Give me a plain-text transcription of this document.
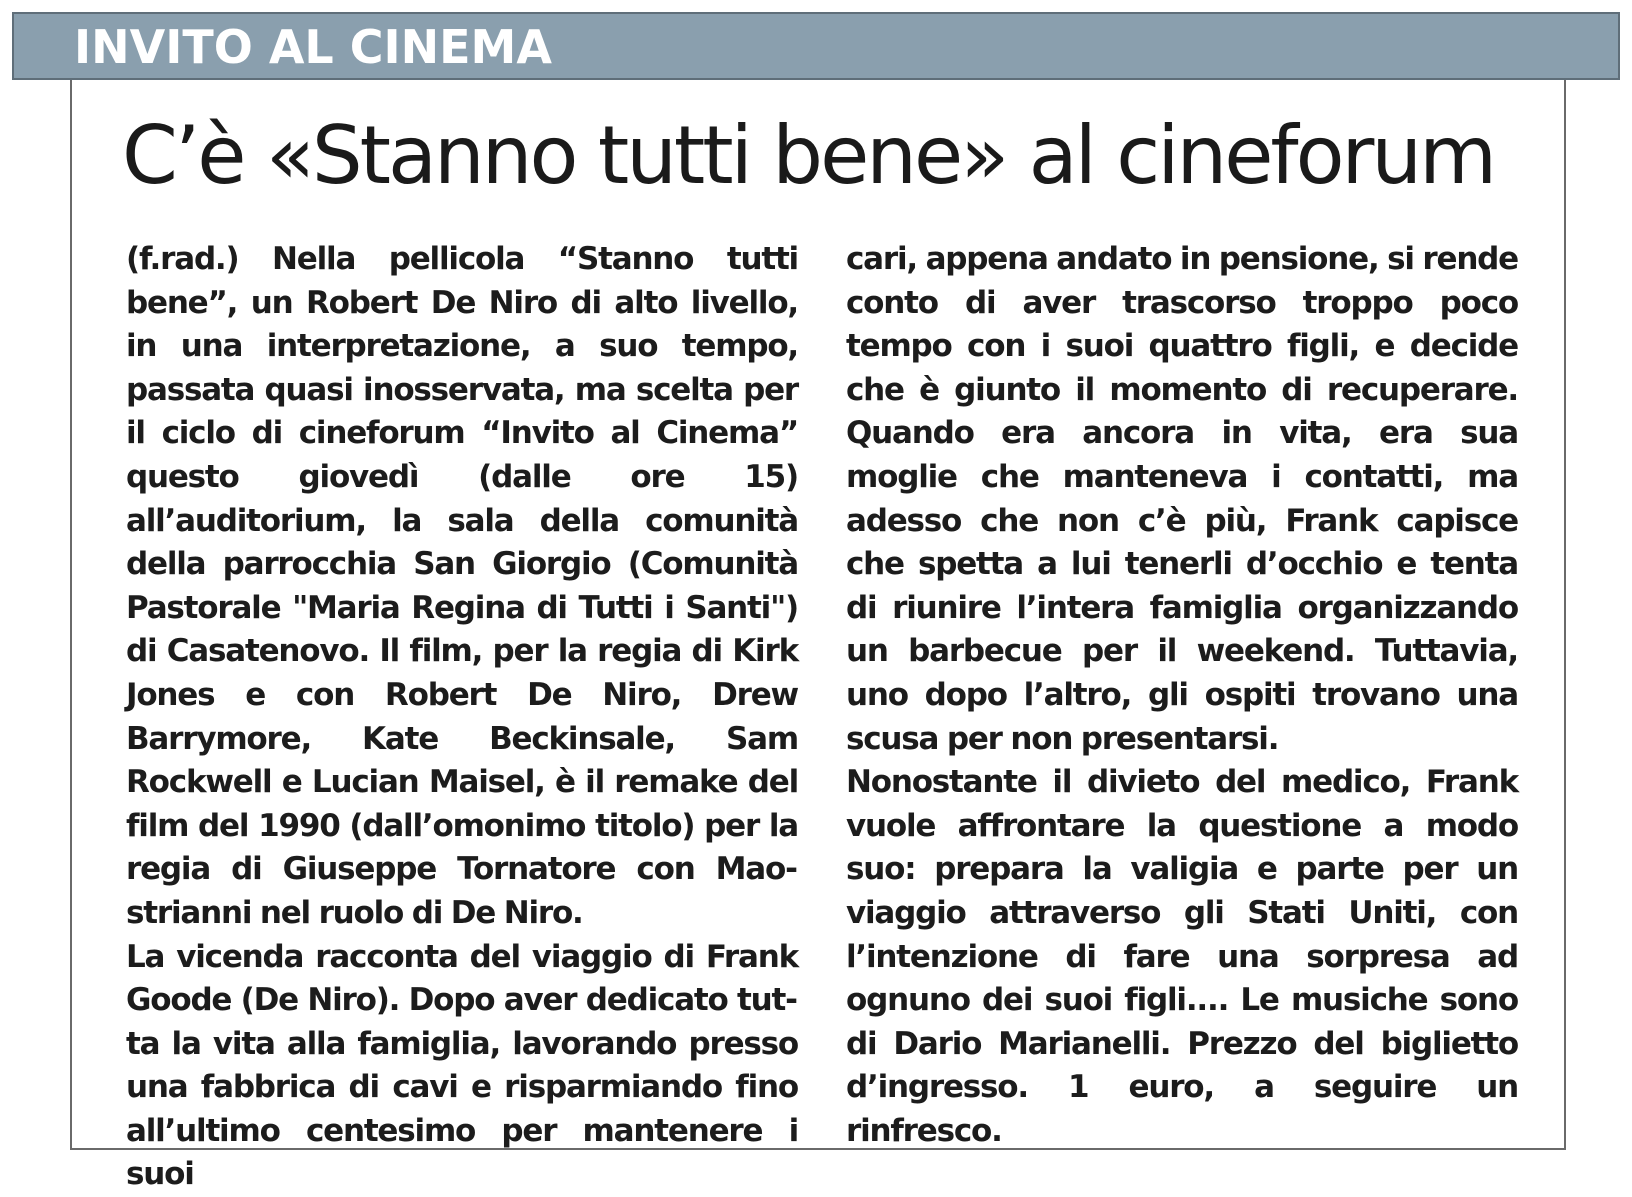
INVITO AL CINEMA
C’è «Stanno tutti bene» al cineforum

(f.rad.) Nella pellicola “Stanno tutti bene”, un Robert De Niro di alto livello, in una interpretazione, a suo tempo, passata quasi inosservata, ma scelta per il ciclo di cineforum “Invito al Cinema” questo giovedì (dalle ore 15) all’auditorium, la sala della comunità della parrocchia San Giorgio (Comunità Pastorale "Maria Regina di Tutti i Santi") di Casatenovo. Il film, per la regia di Kirk Jones e con Robert De Niro, Drew Barrymore, Kate Beckinsale, Sam Rockwell e Lucian Maisel, è il remake del film del 1990 (dall’omonimo titolo) per la regia di Giuseppe Tornatore con Maostrianni nel ruolo di De Niro.

La vicenda racconta del viaggio di Frank Goode (De Niro). Dopo aver dedicato tutta la vita alla famiglia, lavorando presso una fabbrica di cavi e risparmiando fino all’ultimo centesimo per mantenere i suoi

cari, appena andato in pensione, si rende conto di aver trascorso troppo poco tempo con i suoi quattro figli, e decide che è giunto il momento di recuperare. Quando era ancora in vita, era sua moglie che manteneva i contatti, ma adesso che non c’è più, Frank capisce che spetta a lui tenerli d’occhio e tenta di riunire l’intera famiglia organizzando un barbecue per il weekend. Tuttavia, uno dopo l’altro, gli ospiti trovano una scusa per non presentarsi.

Nonostante il divieto del medico, Frank vuole affrontare la questione a modo suo: prepara la valigia e parte per un viaggio attraverso gli Stati Uniti, con l’intenzione di fare una sorpresa ad ognuno dei suoi figli.... Le musiche sono di Dario Marianelli. Prezzo del biglietto d’ingresso. 1 euro, a seguire un rinfresco.
